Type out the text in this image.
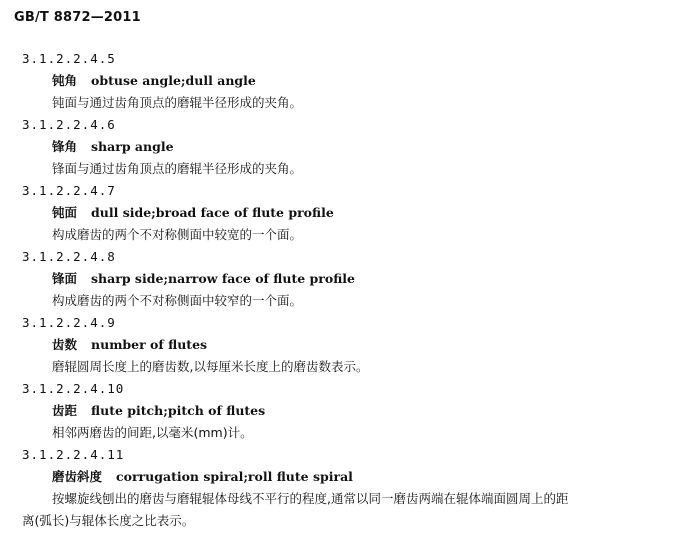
GB/T 8872—2011
3.1.2.2.4.5
钝角 obtuse angle;dull angle
钝面与通过齿角顶点的磨辊半径形成的夹角。
3.1.2.2.4.6
锋角 sharp angle
锋面与通过齿角顶点的磨辊半径形成的夹角。
3.1.2.2.4.7
钝面 dull side;broad face of flute profile
构成磨齿的两个不对称侧面中较宽的一个面。
3.1.2.2.4.8
锋面 sharp side;narrow face of flute profile
构成磨齿的两个不对称侧面中较窄的一个面。
3.1.2.2.4.9
齿数 number of flutes
磨辊圆周长度上的磨齿数,以每厘米长度上的磨齿数表示。
3.1.2.2.4.10
齿距 flute pitch;pitch of flutes
相邻两磨齿的间距,以毫米(mm)计。
3.1.2.2.4.11
磨齿斜度 corrugation spiral;roll flute spiral
按螺旋线刨出的磨齿与磨辊辊体母线不平行的程度,通常以同一磨齿两端在辊体端面圆周上的距
离(弧长)与辊体长度之比表示。
